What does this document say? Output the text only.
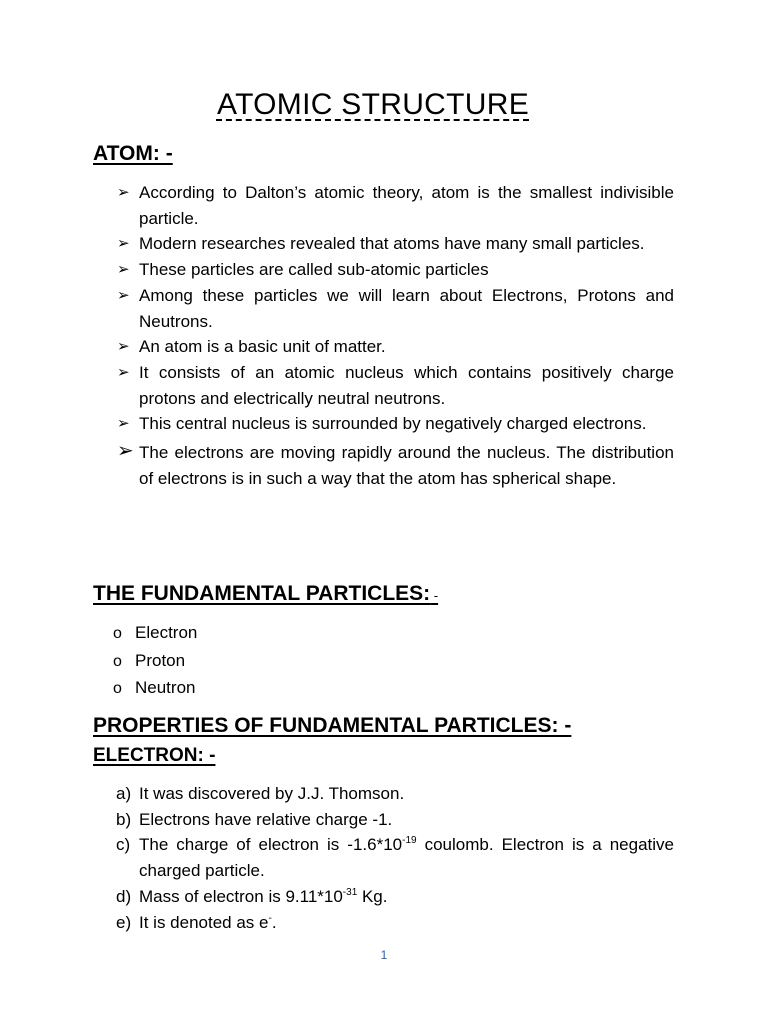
ATOMIC STRUCTURE
ATOM: -
➢ According to Dalton’s atomic theory, atom is the smallest indivisible particle.
➢ Modern researches revealed that atoms have many small particles.
➢ These particles are called sub-atomic particles
➢ Among these particles we will learn about Electrons, Protons and Neutrons.
➢ An atom is a basic unit of matter.
➢ It consists of an atomic nucleus which contains positively charge protons and electrically neutral neutrons.
➢ This central nucleus is surrounded by negatively charged electrons.
➢ The electrons are moving rapidly around the nucleus. The distribution of electrons is in such a way that the atom has spherical shape.
THE FUNDAMENTAL PARTICLES: -
o Electron
o Proton
o Neutron
PROPERTIES OF FUNDAMENTAL PARTICLES: -
ELECTRON: -
a) It was discovered by J.J. Thomson.
b) Electrons have relative charge -1.
c) The charge of electron is $-1.6*10^{-19}$ coulomb. Electron is a negative charged particle.
d) Mass of electron is $9.11*10^{-31}$ Kg.
e) It is denoted as e-.
1
